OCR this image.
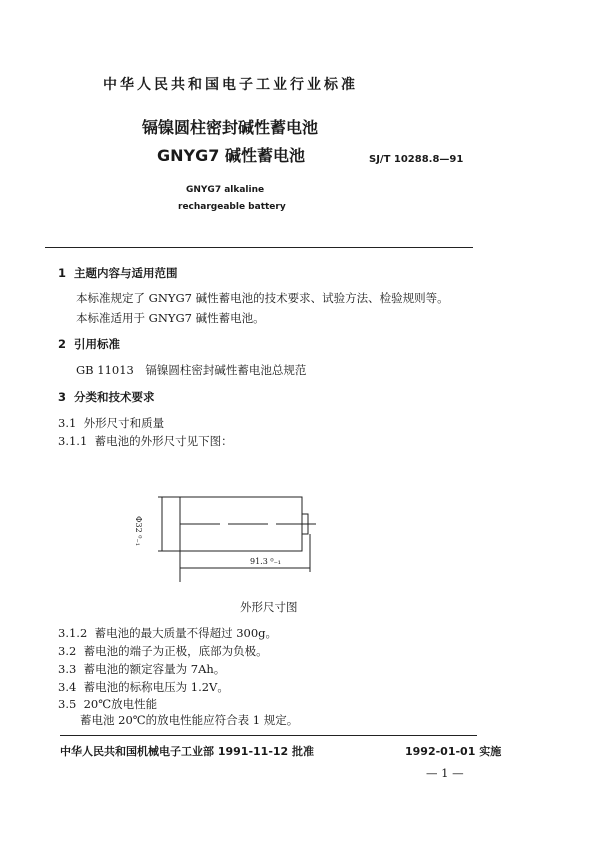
中华人民共和国电子工业行业标准
镉镍圆柱密封碱性蓄电池
GNYG7 碱性蓄电池	SJ/T 10288.8—91
GNYG7 alkaline
rechargeable battery
1 主题内容与适用范围
本标准规定了 GNYG7 碱性蓄电池的技术要求、试验方法、检验规则等。
本标准适用于 GNYG7 碱性蓄电池。
2 引用标准
GB 11013　镉镍圆柱密封碱性蓄电池总规范
3 分类和技术要求
3.1 外形尺寸和质量
3.1.1 蓄电池的外形尺寸见下图：
Φ32 ⁰₋₁
91.3 ⁰₋₁
外形尺寸图
3.1.2 蓄电池的最大质量不得超过 300g。
3.2 蓄电池的端子为正极，底部为负极。
3.3 蓄电池的额定容量为 7Ah。
3.4 蓄电池的标称电压为 1.2V。
3.5 20℃放电性能
蓄电池 20℃的放电性能应符合表 1 规定。
中华人民共和国机械电子工业部 1991-11-12 批准	1992-01-01 实施
— 1 —
